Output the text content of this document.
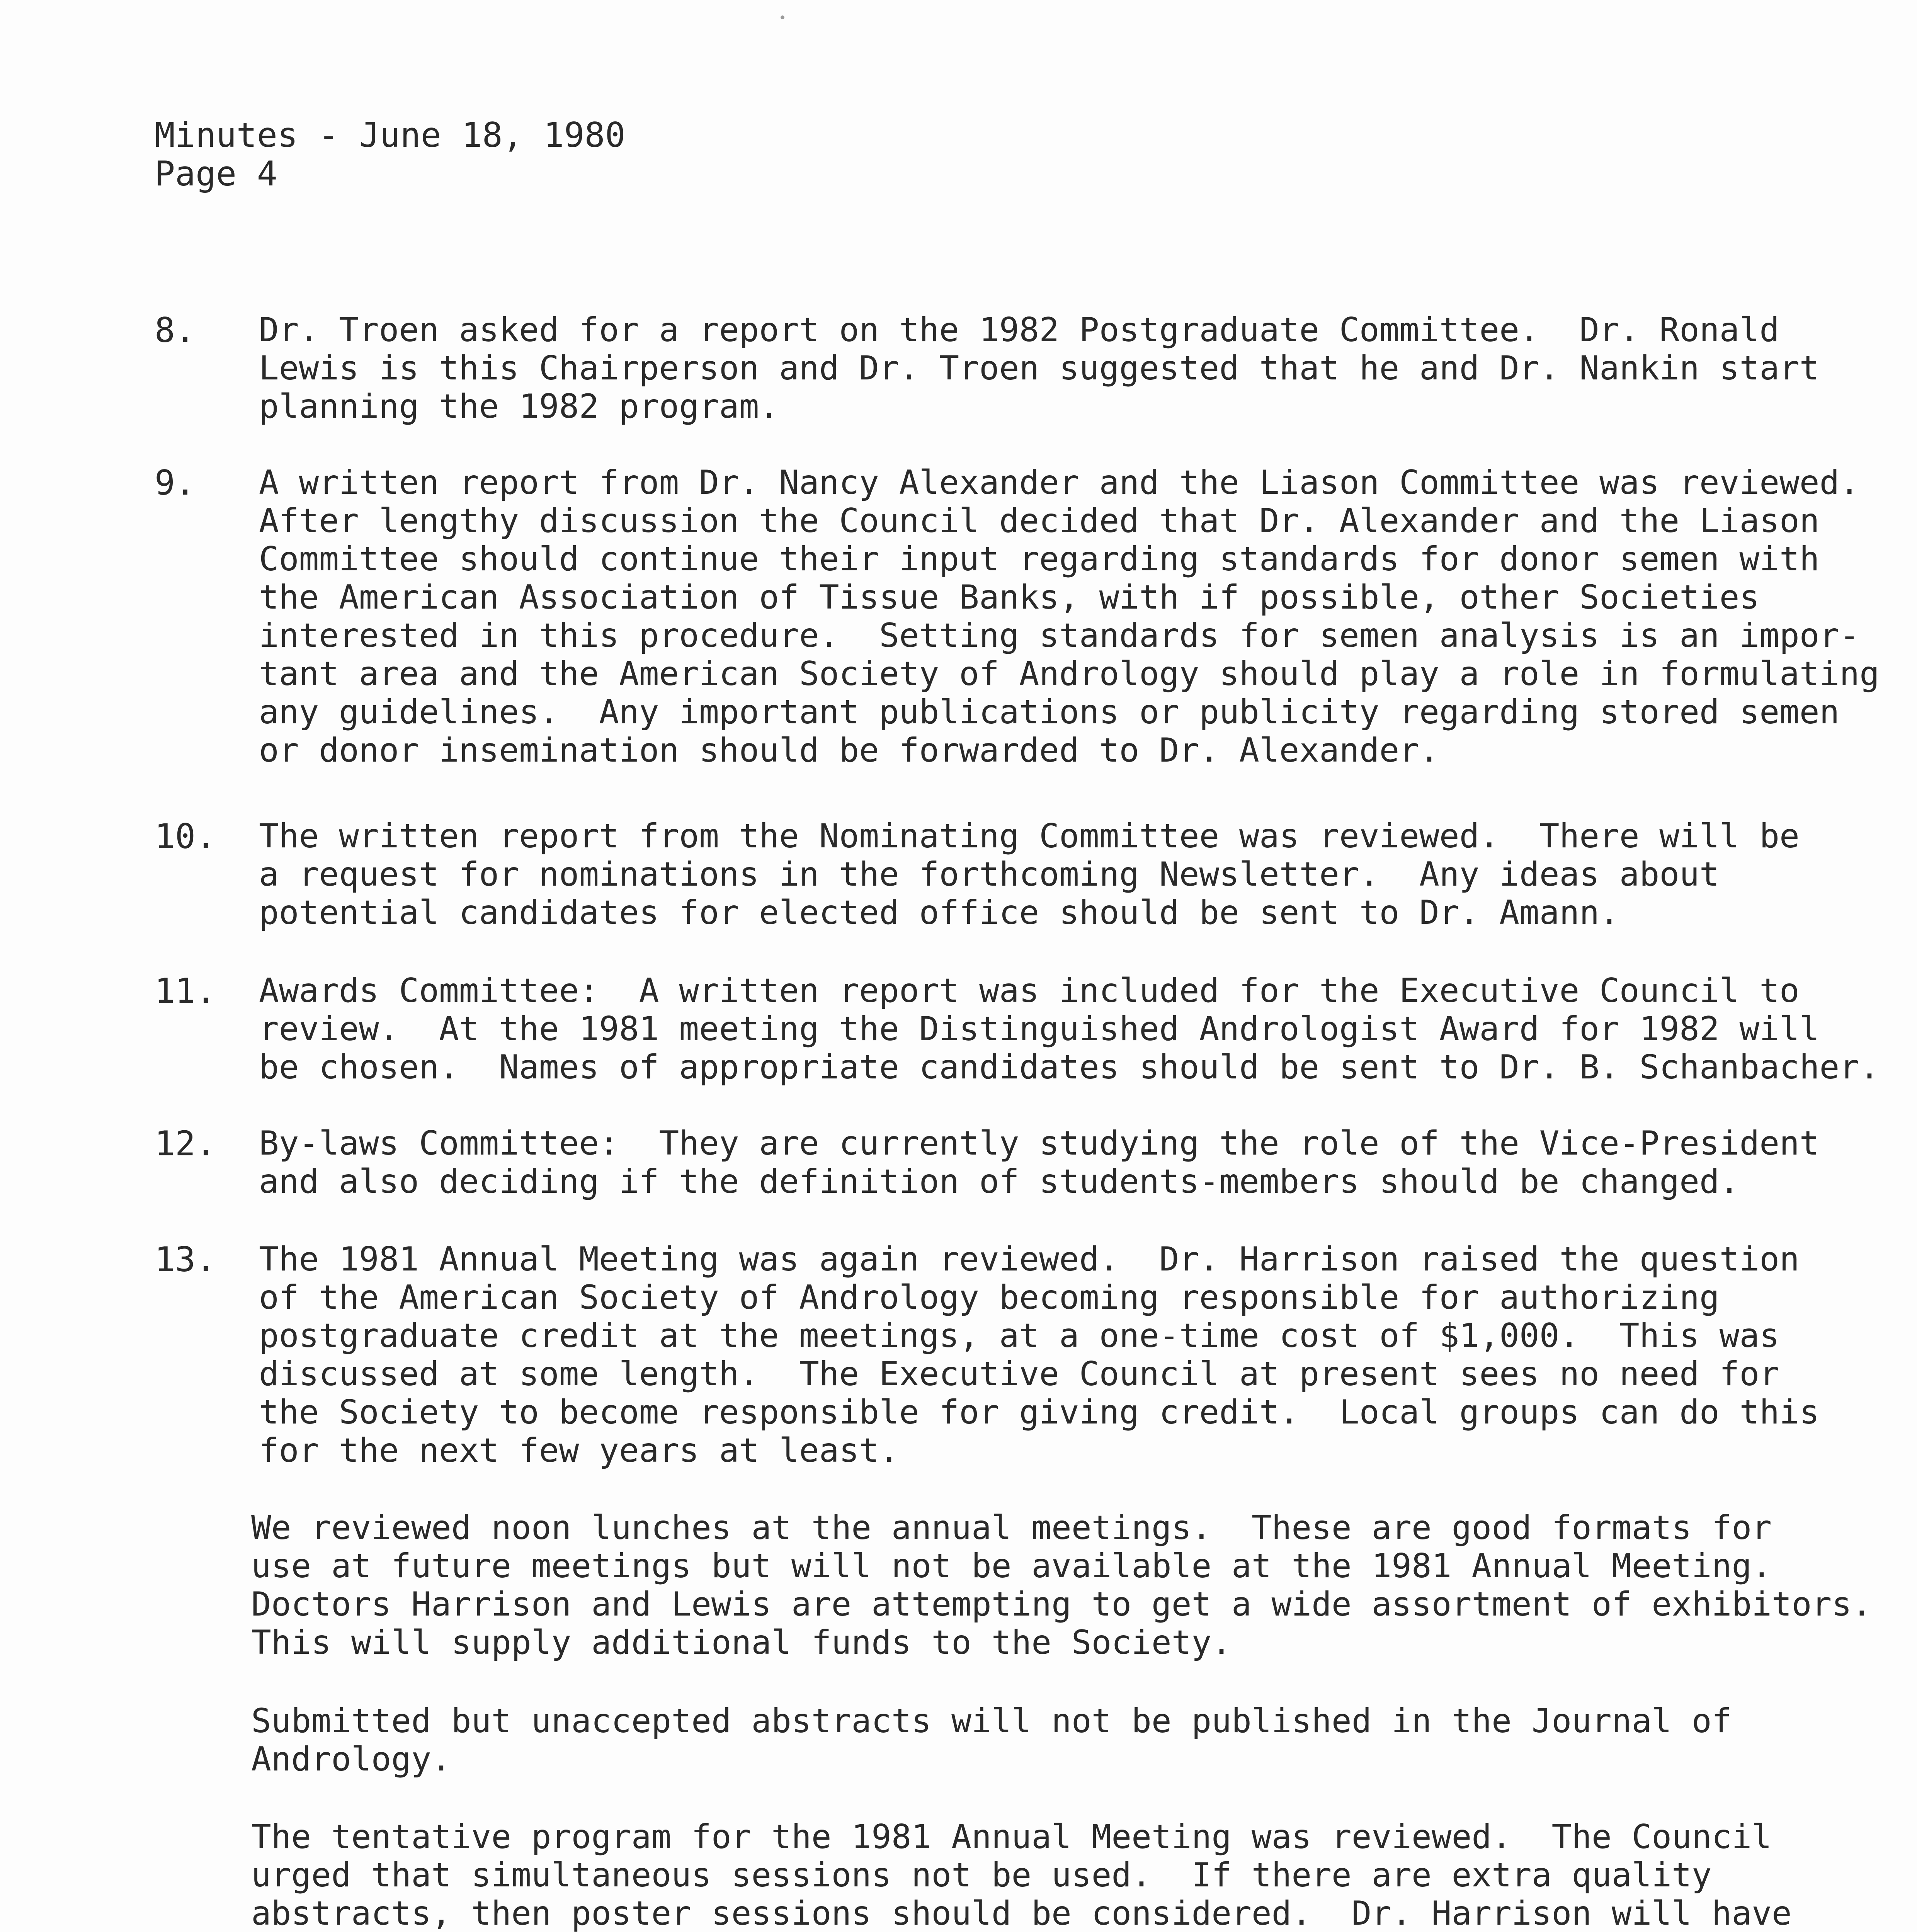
Minutes - June 18, 1980
Page 4
8. Dr. Troen asked for a report on the 1982 Postgraduate Committee.  Dr. Ronald
Lewis is this Chairperson and Dr. Troen suggested that he and Dr. Nankin start
planning the 1982 program.
9. A written report from Dr. Nancy Alexander and the Liason Committee was reviewed.
After lengthy discussion the Council decided that Dr. Alexander and the Liason
Committee should continue their input regarding standards for donor semen with
the American Association of Tissue Banks, with if possible, other Societies
interested in this procedure.  Setting standards for semen analysis is an impor-
tant area and the American Society of Andrology should play a role in formulating
any guidelines.  Any important publications or publicity regarding stored semen
or donor insemination should be forwarded to Dr. Alexander.
10. The written report from the Nominating Committee was reviewed.  There will be
a request for nominations in the forthcoming Newsletter.  Any ideas about
potential candidates for elected office should be sent to Dr. Amann.
11. Awards Committee:  A written report was included for the Executive Council to
review.  At the 1981 meeting the Distinguished Andrologist Award for 1982 will
be chosen.  Names of appropriate candidates should be sent to Dr. B. Schanbacher.
12. By-laws Committee:  They are currently studying the role of the Vice-President
and also deciding if the definition of students-members should be changed.
13. The 1981 Annual Meeting was again reviewed.  Dr. Harrison raised the question
of the American Society of Andrology becoming responsible for authorizing
postgraduate credit at the meetings, at a one-time cost of $1,000.  This was
discussed at some length.  The Executive Council at present sees no need for
the Society to become responsible for giving credit.  Local groups can do this
for the next few years at least.
We reviewed noon lunches at the annual meetings.  These are good formats for
use at future meetings but will not be available at the 1981 Annual Meeting.
Doctors Harrison and Lewis are attempting to get a wide assortment of exhibitors.
This will supply additional funds to the Society.
Submitted but unaccepted abstracts will not be published in the Journal of
Andrology.
The tentative program for the 1981 Annual Meeting was reviewed.  The Council
urged that simultaneous sessions not be used.  If there are extra quality
abstracts, then poster sessions should be considered.  Dr. Harrison will have
